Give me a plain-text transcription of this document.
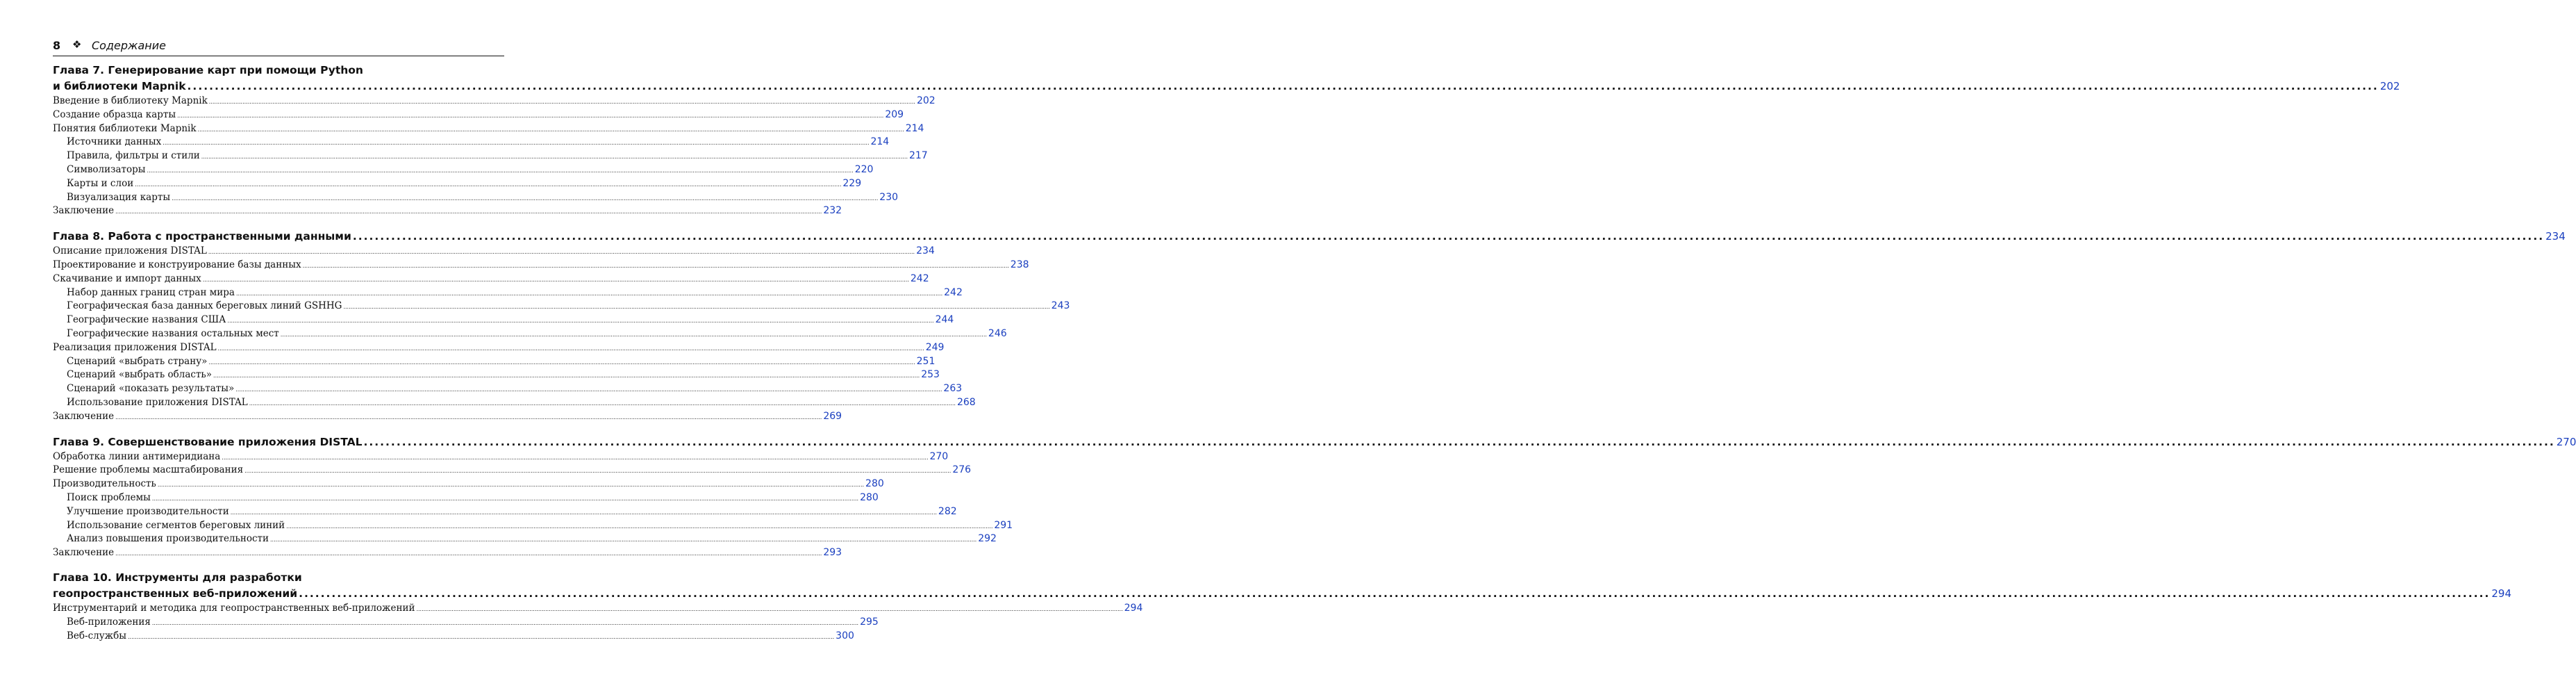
8 ❖ Содержание
Глава 7. Генерирование карт при помощи Python
и библиотеки Mapnik ................................................................................................................................................................................................................................................................................................................................................................................................................ 202
Введение в библиотеку Mapnik ................................................................................................................................................................................................................................................................................................................................................................................................................ 202
Создание образца карты ................................................................................................................................................................................................................................................................................................................................................................................................................ 209
Понятия библиотеки Mapnik ................................................................................................................................................................................................................................................................................................................................................................................................................ 214
Источники данных ................................................................................................................................................................................................................................................................................................................................................................................................................ 214
Правила, фильтры и стили ................................................................................................................................................................................................................................................................................................................................................................................................................ 217
Символизаторы ................................................................................................................................................................................................................................................................................................................................................................................................................ 220
Карты и слои ................................................................................................................................................................................................................................................................................................................................................................................................................ 229
Визуализация карты ................................................................................................................................................................................................................................................................................................................................................................................................................ 230
Заключение ................................................................................................................................................................................................................................................................................................................................................................................................................ 232
Глава 8. Работа с пространственными данными ................................................................................................................................................................................................................................................................................................................................................................................................................ 234
Описание приложения DISTAL ................................................................................................................................................................................................................................................................................................................................................................................................................ 234
Проектирование и конструирование базы данных ................................................................................................................................................................................................................................................................................................................................................................................................................ 238
Скачивание и импорт данных ................................................................................................................................................................................................................................................................................................................................................................................................................ 242
Набор данных границ стран мира ................................................................................................................................................................................................................................................................................................................................................................................................................ 242
Географическая база данных береговых линий GSHHG ................................................................................................................................................................................................................................................................................................................................................................................................................ 243
Географические названия США ................................................................................................................................................................................................................................................................................................................................................................................................................ 244
Географические названия остальных мест ................................................................................................................................................................................................................................................................................................................................................................................................................ 246
Реализация приложения DISTAL ................................................................................................................................................................................................................................................................................................................................................................................................................ 249
Сценарий «выбрать страну» ................................................................................................................................................................................................................................................................................................................................................................................................................ 251
Сценарий «выбрать область» ................................................................................................................................................................................................................................................................................................................................................................................................................ 253
Сценарий «показать результаты» ................................................................................................................................................................................................................................................................................................................................................................................................................ 263
Использование приложения DISTAL ................................................................................................................................................................................................................................................................................................................................................................................................................ 268
Заключение ................................................................................................................................................................................................................................................................................................................................................................................................................ 269
Глава 9. Совершенствование приложения DISTAL ................................................................................................................................................................................................................................................................................................................................................................................................................ 270
Обработка линии антимеридиана ................................................................................................................................................................................................................................................................................................................................................................................................................ 270
Решение проблемы масштабирования ................................................................................................................................................................................................................................................................................................................................................................................................................ 276
Производительность ................................................................................................................................................................................................................................................................................................................................................................................................................ 280
Поиск проблемы ................................................................................................................................................................................................................................................................................................................................................................................................................ 280
Улучшение производительности ................................................................................................................................................................................................................................................................................................................................................................................................................ 282
Использование сегментов береговых линий ................................................................................................................................................................................................................................................................................................................................................................................................................ 291
Анализ повышения производительности ................................................................................................................................................................................................................................................................................................................................................................................................................ 292
Заключение ................................................................................................................................................................................................................................................................................................................................................................................................................ 293
Глава 10. Инструменты для разработки
геопространственных веб-приложений ................................................................................................................................................................................................................................................................................................................................................................................................................ 294
Инструментарий и методика для геопространственных веб-приложений ................................................................................................................................................................................................................................................................................................................................................................................................................ 294
Веб-приложения ................................................................................................................................................................................................................................................................................................................................................................................................................ 295
Веб-службы ................................................................................................................................................................................................................................................................................................................................................................................................................ 300
